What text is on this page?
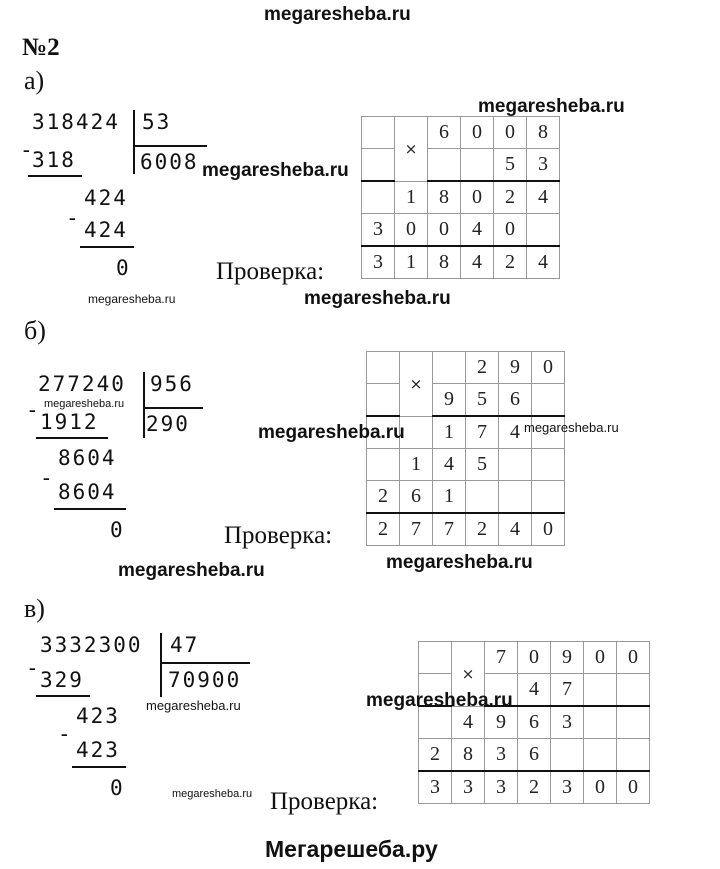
megaresheba.ru
№2
Мегарешеба.ру
а)
318424 53
6008
-
318
424
- 424
0
	×	6	0	0	8
				5	3
	1	8	0	2	4
3	0	0	4	0	
3	1	8	4	2	4
Проверка:
megaresheba.ru
megaresheba.ru
megaresheba.ru
megaresheba.ru
б)
277240 956
290
- 1912
8604
-
8604
0
	×		2	9	0
		9	5	6	
		1	7	4	
	1	4	5		
2	6	1			
2	7	7	2	4	0
Проверка:
megaresheba.ru
megaresheba.ru	megaresheba.ru
megaresheba.ru	megaresheba.ru
в)
3332300 47
70900
- 329
423
-
423
0
	×	7	0	9	0	0
			4	7		
	4	9	6	3		
2	8	3	6			
3	3	3	2	3	0	0
Проверка:
megaresheba.ru
megaresheba.ru
megaresheba.ru
